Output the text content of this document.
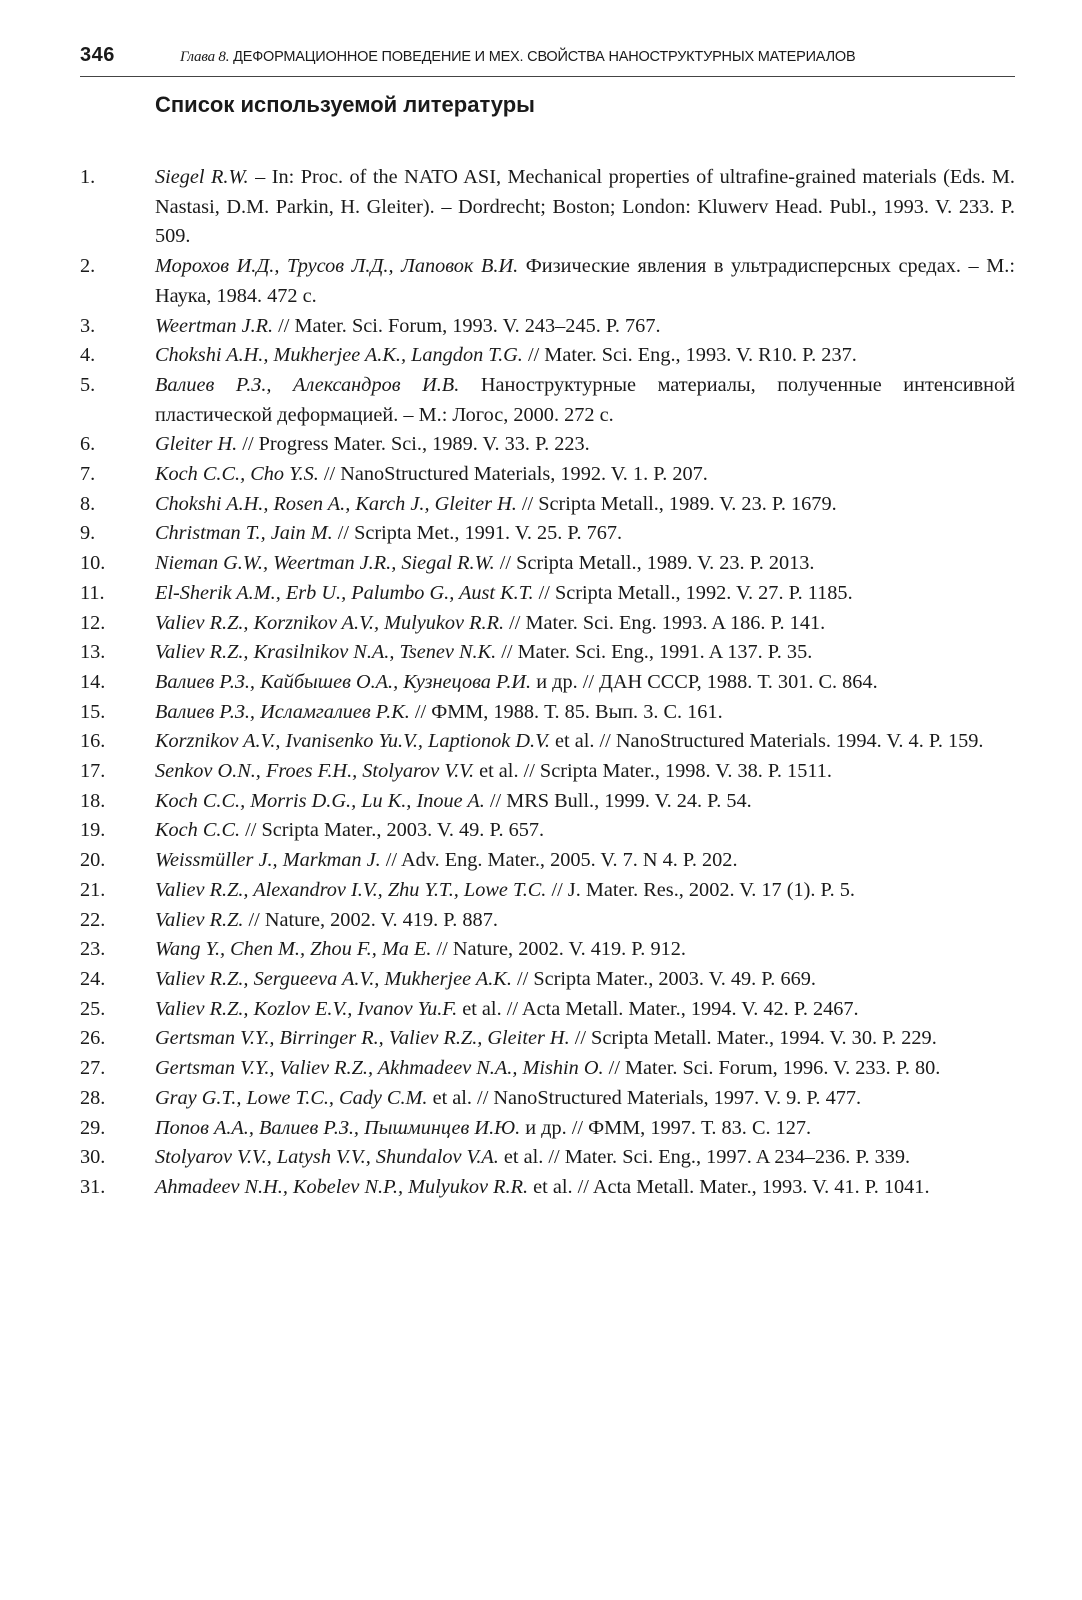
346	Глава 8. ДЕФОРМАЦИОННОЕ ПОВЕДЕНИЕ И МЕХ. СВОЙСТВА НАНОСТРУКТУРНЫХ МАТЕРИАЛОВ
Список используемой литературы
1.	Siegel R.W. – In: Proc. of the NATO ASI, Mechanical properties of ultrafine-grained materials (Eds. M. Nastasi, D.M. Parkin, H. Gleiter). – Dordrecht; Boston; London: Kluwerv Head. Publ., 1993. V. 233. P. 509.
2.	Морохов И.Д., Трусов Л.Д., Лаповок В.И. Физические явления в ультрадисперсных средах. – М.: Наука, 1984. 472 с.
3.	Weertman J.R. // Mater. Sci. Forum, 1993. V. 243–245. P. 767.
4.	Chokshi A.H., Mukherjee A.K., Langdon T.G. // Mater. Sci. Eng., 1993. V. R10. P. 237.
5.	Валиев Р.З., Александров И.В. Наноструктурные материалы, полученные интенсивной пластической деформацией. – М.: Логос, 2000. 272 с.
6.	Gleiter H. // Progress Mater. Sci., 1989. V. 33. P. 223.
7.	Koch C.C., Cho Y.S. // NanoStructured Materials, 1992. V. 1. P. 207.
8.	Chokshi A.H., Rosen A., Karch J., Gleiter H. // Scripta Metall., 1989. V. 23. P. 1679.
9.	Christman T., Jain M. // Scripta Met., 1991. V. 25. P. 767.
10.	Nieman G.W., Weertman J.R., Siegal R.W. // Scripta Metall., 1989. V. 23. P. 2013.
11.	El-Sherik A.M., Erb U., Palumbo G., Aust K.T. // Scripta Metall., 1992. V. 27. P. 1185.
12.	Valiev R.Z., Korznikov A.V., Mulyukov R.R. // Mater. Sci. Eng. 1993. A 186. P. 141.
13.	Valiev R.Z., Krasilnikov N.A., Tsenev N.K. // Mater. Sci. Eng., 1991. A 137. P. 35.
14.	Валиев Р.З., Кайбышев О.А., Кузнецова Р.И. и др. // ДАН СССР, 1988. Т. 301. С. 864.
15.	Валиев Р.З., Исламгалиев Р.К. // ФММ, 1988. Т. 85. Вып. 3. С. 161.
16.	Korznikov A.V., Ivanisenko Yu.V., Laptionok D.V. et al. // NanoStructured Materials. 1994. V. 4. P. 159.
17.	Senkov O.N., Froes F.H., Stolyarov V.V. et al. // Scripta Mater., 1998. V. 38. P. 1511.
18.	Koch C.C., Morris D.G., Lu K., Inoue A. // MRS Bull., 1999. V. 24. P. 54.
19.	Koch C.C. // Scripta Mater., 2003. V. 49. P. 657.
20.	Weissmüller J., Markman J. // Adv. Eng. Mater., 2005. V. 7. N 4. P. 202.
21.	Valiev R.Z., Alexandrov I.V., Zhu Y.T., Lowe T.C. // J. Mater. Res., 2002. V. 17 (1). P. 5.
22.	Valiev R.Z. // Nature, 2002. V. 419. P. 887.
23.	Wang Y., Chen M., Zhou F., Ma E. // Nature, 2002. V. 419. P. 912.
24.	Valiev R.Z., Sergueeva A.V., Mukherjee A.K. // Scripta Mater., 2003. V. 49. P. 669.
25.	Valiev R.Z., Kozlov E.V., Ivanov Yu.F. et al. // Acta Metall. Mater., 1994. V. 42. P. 2467.
26.	Gertsman V.Y., Birringer R., Valiev R.Z., Gleiter H. // Scripta Metall. Mater., 1994. V. 30. P. 229.
27.	Gertsman V.Y., Valiev R.Z., Akhmadeev N.A., Mishin O. // Mater. Sci. Forum, 1996. V. 233. P. 80.
28.	Gray G.T., Lowe T.C., Cady C.M. et al. // NanoStructured Materials, 1997. V. 9. P. 477.
29.	Попов А.А., Валиев Р.З., Пышминцев И.Ю. и др. // ФММ, 1997. Т. 83. С. 127.
30.	Stolyarov V.V., Latysh V.V., Shundalov V.A. et al. // Mater. Sci. Eng., 1997. A 234–236. P. 339.
31.	Ahmadeev N.H., Kobelev N.P., Mulyukov R.R. et al. // Acta Metall. Mater., 1993. V. 41. P. 1041.
